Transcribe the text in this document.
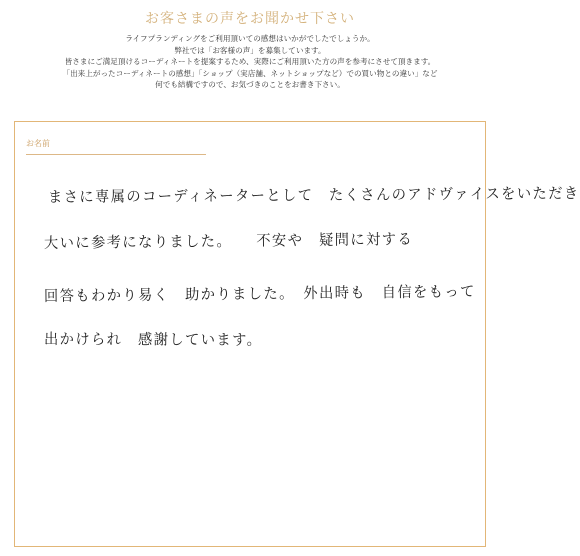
お客さまの声をお聞かせ下さい
ライフプランディングをご利用頂いての感想はいかがでしたでしょうか。
弊社では「お客様の声」を募集しています。
皆さまにご満足頂けるコーディネートを提案するため、実際にご利用頂いた方の声を参考にさせて頂きます。
「出来上がったコーディネートの感想」「ショップ（実店舗、ネットショップなど）での買い物との違い」など
何でも結構ですので、お気づきのことをお書き下さい。
お名前
まさに専属のコーディネーターとして　たくさんのアドヴァイスをいただき
大いに参考になりました。　　不安や　疑問に対する
回答もわかり易く　助かりました。　外出時も　自信をもって
出かけられ　感謝しています。
